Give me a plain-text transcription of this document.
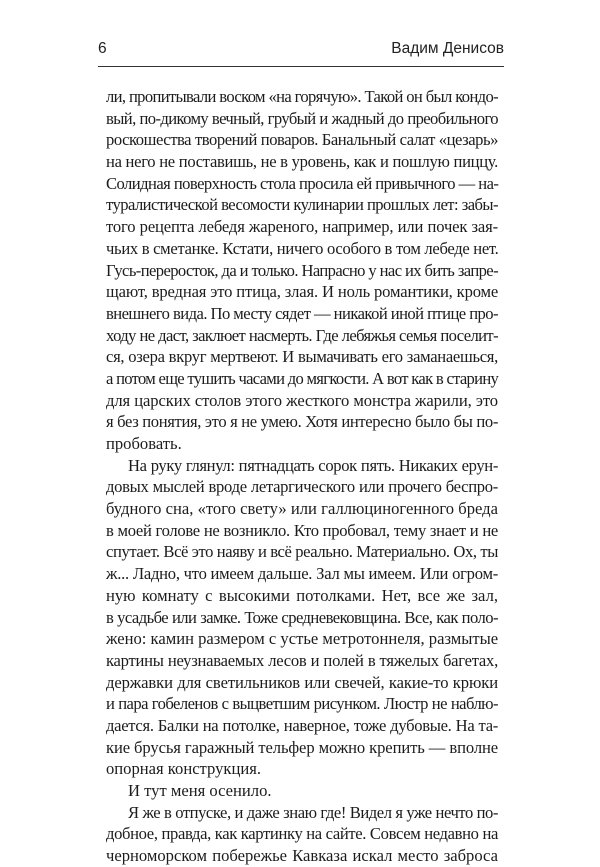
6	Вадим Денисов

ли, пропитывали воском «на горячую». Такой он был кондо-
вый, по-дикому вечный, грубый и жадный до преобильного
роскошества творений поваров. Банальный салат «цезарь»
на него не поставишь, не в уровень, как и пошлую пиццу.
Солидная поверхность стола просила ей привычного — на-
туралистической весомости кулинарии прошлых лет: забы-
того рецепта лебедя жареного, например, или почек зая-
чьих в сметанке. Кстати, ничего особого в том лебеде нет.
Гусь-переросток, да и только. Напрасно у нас их бить запре-
щают, вредная это птица, злая. И ноль романтики, кроме
внешнего вида. По месту сядет — никакой иной птице про-
ходу не даст, заклюет насмерть. Где лебяжья семья поселит-
ся, озера вкруг мертвеют. И вымачивать его заманаешься,
а потом еще тушить часами до мягкости. А вот как в старину
для царских столов этого жесткого монстра жарили, это
я без понятия, это я не умею. Хотя интересно было бы по-
пробовать.

На руку глянул: пятнадцать сорок пять. Никаких ерун-
довых мыслей вроде летаргического или прочего беспро-
будного сна, «того свету» или галлюциногенного бреда
в моей голове не возникло. Кто пробовал, тему знает и не
спутает. Всё это наяву и всё реально. Материально. Ох, ты
ж... Ладно, что имеем дальше. Зал мы имеем. Или огром-
ную комнату с высокими потолками. Нет, все же зал,
в усадьбе или замке. Тоже средневековщина. Все, как поло-
жено: камин размером с устье метротоннеля, размытые
картины неузнаваемых лесов и полей в тяжелых багетах,
державки для светильников или свечей, какие-то крюки
и пара гобеленов с выцветшим рисунком. Люстр не наблю-
дается. Балки на потолке, наверное, тоже дубовые. На та-
кие брусья гаражный тельфер можно крепить — вполне
опорная конструкция.

И тут меня осенило.

Я же в отпуске, и даже знаю где! Видел я уже нечто по-
добное, правда, как картинку на сайте. Совсем недавно на
черноморском побережье Кавказа искал место заброса
